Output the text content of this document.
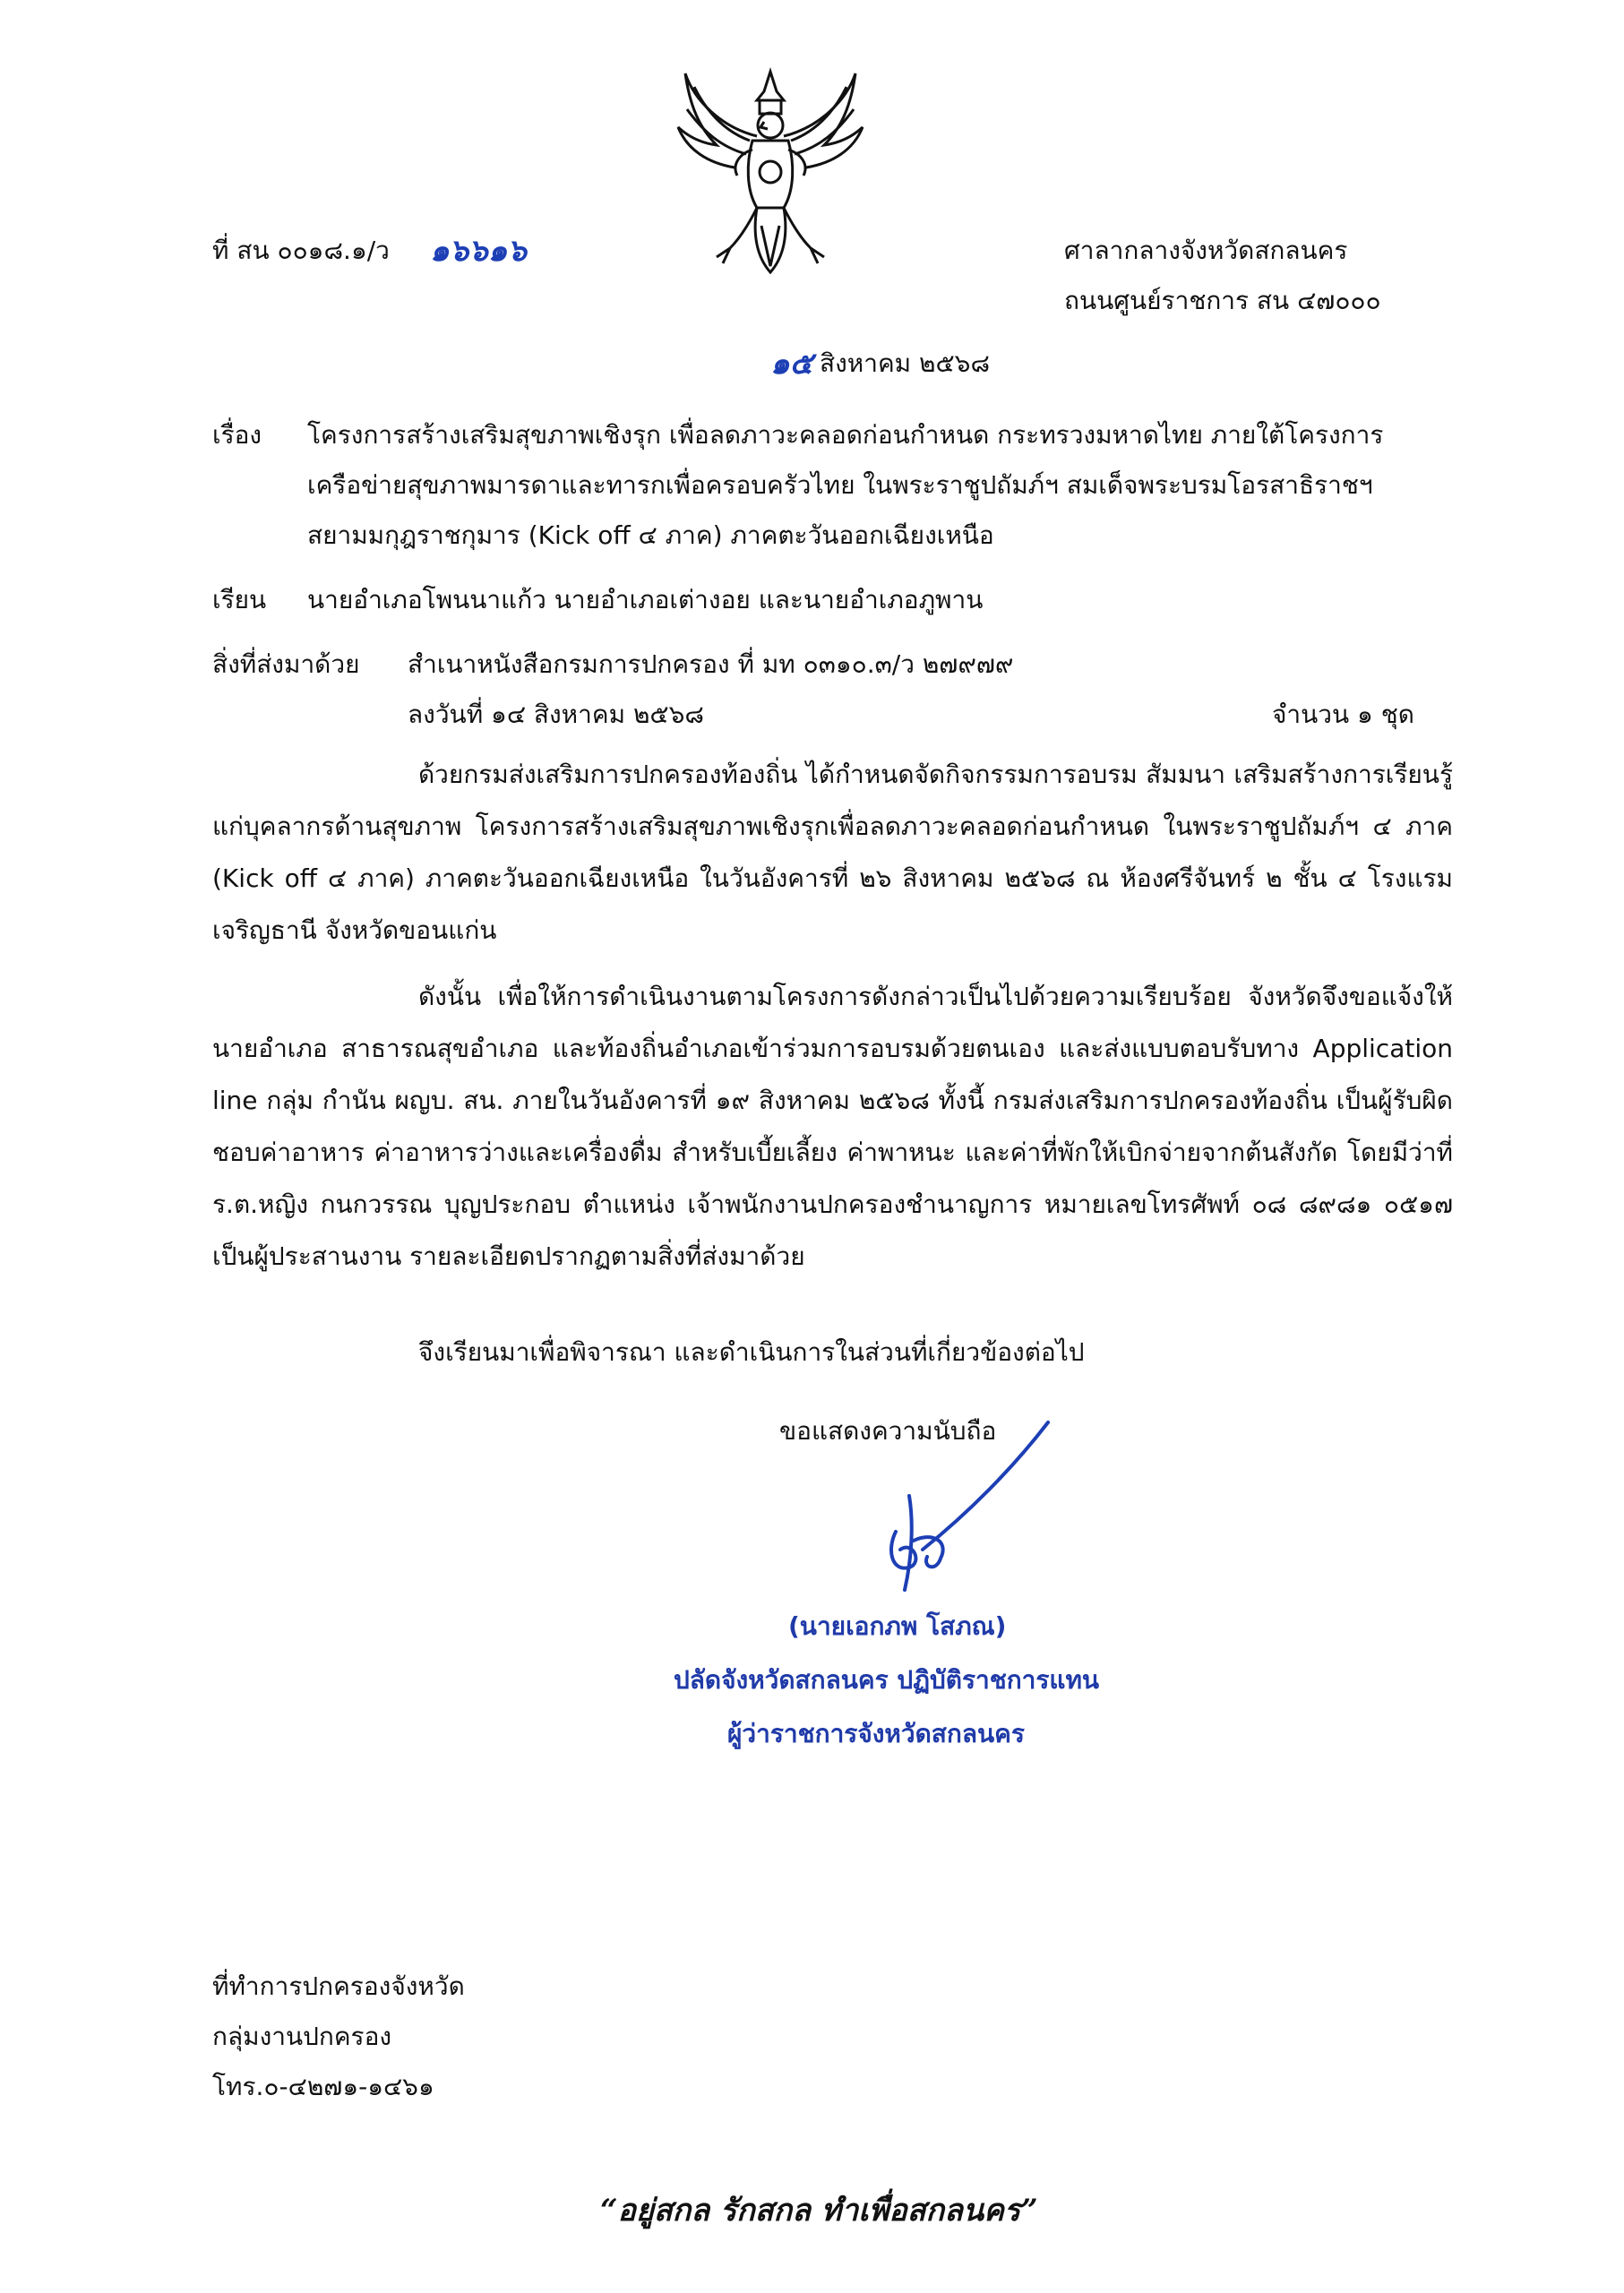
ที่ สน ๐๐๑๘.๑/ว ๑๖๖๑๖	ศาลากลางจังหวัดสกลนคร
ถนนศูนย์ราชการ สน ๔๗๐๐๐
๑๕ สิงหาคม ๒๕๖๘
เรื่อง โครงการสร้างเสริมสุขภาพเชิงรุก เพื่อลดภาวะคลอดก่อนกำหนด กระทรวงมหาดไทย ภายใต้โครงการ
เครือข่ายสุขภาพมารดาและทารกเพื่อครอบครัวไทย ในพระราชูปถัมภ์ฯ สมเด็จพระบรมโอรสาธิราชฯ
สยามมกุฎราชกุมาร (Kick off ๔ ภาค) ภาคตะวันออกเฉียงเหนือ
เรียน นายอำเภอโพนนาแก้ว นายอำเภอเต่างอย และนายอำเภอภูพาน
สิ่งที่ส่งมาด้วย สำเนาหนังสือกรมการปกครอง ที่ มท ๐๓๑๐.๓/ว ๒๗๙๗๙
ลงวันที่ ๑๔ สิงหาคม ๒๕๖๘	จำนวน ๑ ชุด
ด้วยกรมส่งเสริมการปกครองท้องถิ่น ได้กำหนดจัดกิจกรรมการอบรม สัมมนา เสริมสร้างการเรียนรู้แก่บุคลากรด้านสุขภาพ โครงการสร้างเสริมสุขภาพเชิงรุกเพื่อลดภาวะคลอดก่อนกำหนด ในพระราชูปถัมภ์ฯ ๔ ภาค (Kick off ๔ ภาค) ภาคตะวันออกเฉียงเหนือ ในวันอังคารที่ ๒๖ สิงหาคม ๒๕๖๘ ณ ห้องศรีจันทร์ ๒ ชั้น ๔ โรงแรมเจริญธานี จังหวัดขอนแก่น
ดังนั้น เพื่อให้การดำเนินงานตามโครงการดังกล่าวเป็นไปด้วยความเรียบร้อย จังหวัดจึงขอแจ้งให้นายอำเภอ สาธารณสุขอำเภอ และท้องถิ่นอำเภอเข้าร่วมการอบรมด้วยตนเอง และส่งแบบตอบรับทาง Application line กลุ่ม กำนัน ผญบ. สน. ภายในวันอังคารที่ ๑๙ สิงหาคม ๒๕๖๘ ทั้งนี้ กรมส่งเสริมการปกครองท้องถิ่น เป็นผู้รับผิดชอบค่าอาหาร ค่าอาหารว่างและเครื่องดื่ม สำหรับเบี้ยเลี้ยง ค่าพาหนะ และค่าที่พักให้เบิกจ่ายจากต้นสังกัด โดยมีว่าที่ ร.ต.หญิง กนกวรรณ บุญประกอบ ตำแหน่ง เจ้าพนักงานปกครองชำนาญการ หมายเลขโทรศัพท์ ๐๘ ๘๙๘๑ ๐๕๑๗ เป็นผู้ประสานงาน รายละเอียดปรากฏตามสิ่งที่ส่งมาด้วย
จึงเรียนมาเพื่อพิจารณา และดำเนินการในส่วนที่เกี่ยวข้องต่อไป
ขอแสดงความนับถือ
(นายเอกภพ โสภณ)
ปลัดจังหวัดสกลนคร ปฏิบัติราชการแทน
ผู้ว่าราชการจังหวัดสกลนคร
ที่ทำการปกครองจังหวัด
กลุ่มงานปกครอง
โทร.๐-๔๒๗๑-๑๔๖๑
“อยู่สกล รักสกล ทำเพื่อสกลนคร”
